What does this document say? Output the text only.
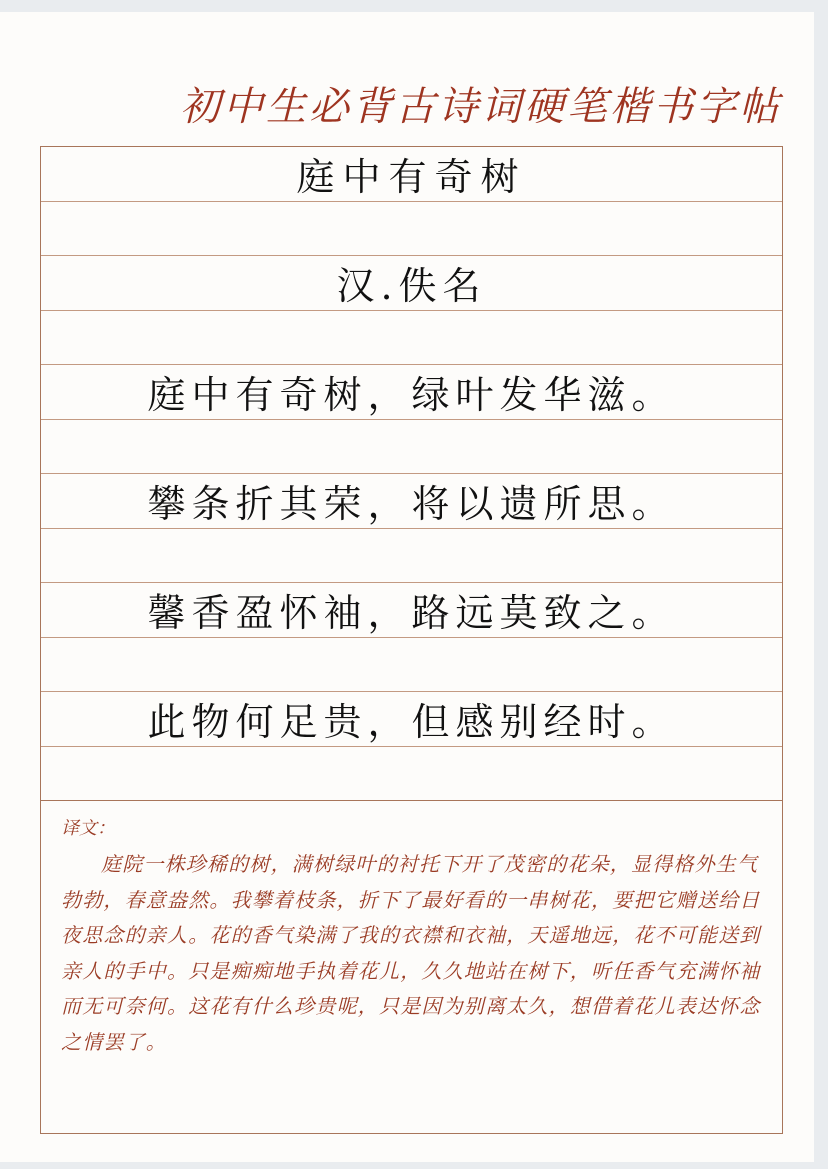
初中生必背古诗词硬笔楷书字帖
庭中有奇树
汉.佚名
庭中有奇树，绿叶发华滋。
攀条折其荣，将以遗所思。
馨香盈怀袖，路远莫致之。
此物何足贵，但感别经时。
译文：

庭院一株珍稀的树，满树绿叶的衬托下开了茂密的花朵，显得格外生气勃勃，春意盎然。我攀着枝条，折下了最好看的一串树花，要把它赠送给日夜思念的亲人。花的香气染满了我的衣襟和衣袖，天遥地远，花不可能送到亲人的手中。只是痴痴地手执着花儿，久久地站在树下，听任香气充满怀袖而无可奈何。这花有什么珍贵呢，只是因为别离太久，想借着花儿表达怀念之情罢了。
